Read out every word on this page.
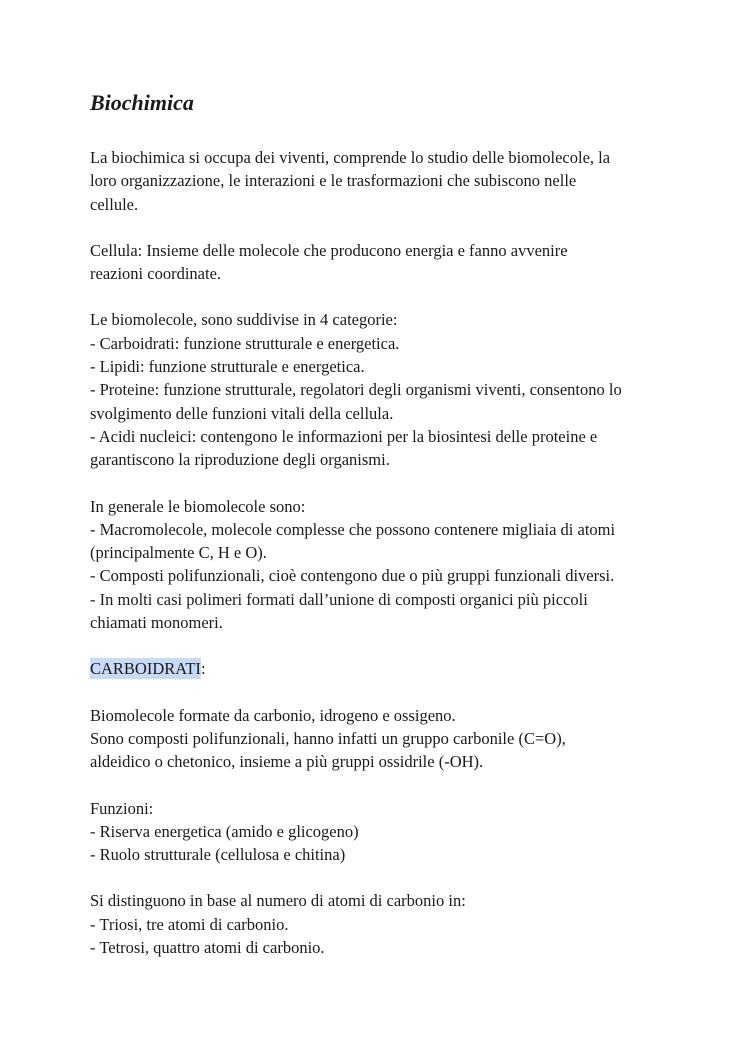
Biochimica
La biochimica si occupa dei viventi, comprende lo studio delle biomolecole, la
loro organizzazione, le interazioni e le trasformazioni che subiscono nelle
cellule.
Cellula: Insieme delle molecole che producono energia e fanno avvenire
reazioni coordinate.
Le biomolecole, sono suddivise in 4 categorie:
- Carboidrati: funzione strutturale e energetica.
- Lipidi: funzione strutturale e energetica.
- Proteine: funzione strutturale, regolatori degli organismi viventi, consentono lo
svolgimento delle funzioni vitali della cellula.
- Acidi nucleici: contengono le informazioni per la biosintesi delle proteine e
garantiscono la riproduzione degli organismi.
In generale le biomolecole sono:
- Macromolecole, molecole complesse che possono contenere migliaia di atomi
(principalmente C, H e O).
- Composti polifunzionali, cioè contengono due o più gruppi funzionali diversi.
- In molti casi polimeri formati dall’unione di composti organici più piccoli
chiamati monomeri.
CARBOIDRATI:
Biomolecole formate da carbonio, idrogeno e ossigeno.
Sono composti polifunzionali, hanno infatti un gruppo carbonile (C=O),
aldeidico o chetonico, insieme a più gruppi ossidrile (-OH).
Funzioni:
- Riserva energetica (amido e glicogeno)
- Ruolo strutturale (cellulosa e chitina)
Si distinguono in base al numero di atomi di carbonio in:
- Triosi, tre atomi di carbonio.
- Tetrosi, quattro atomi di carbonio.
